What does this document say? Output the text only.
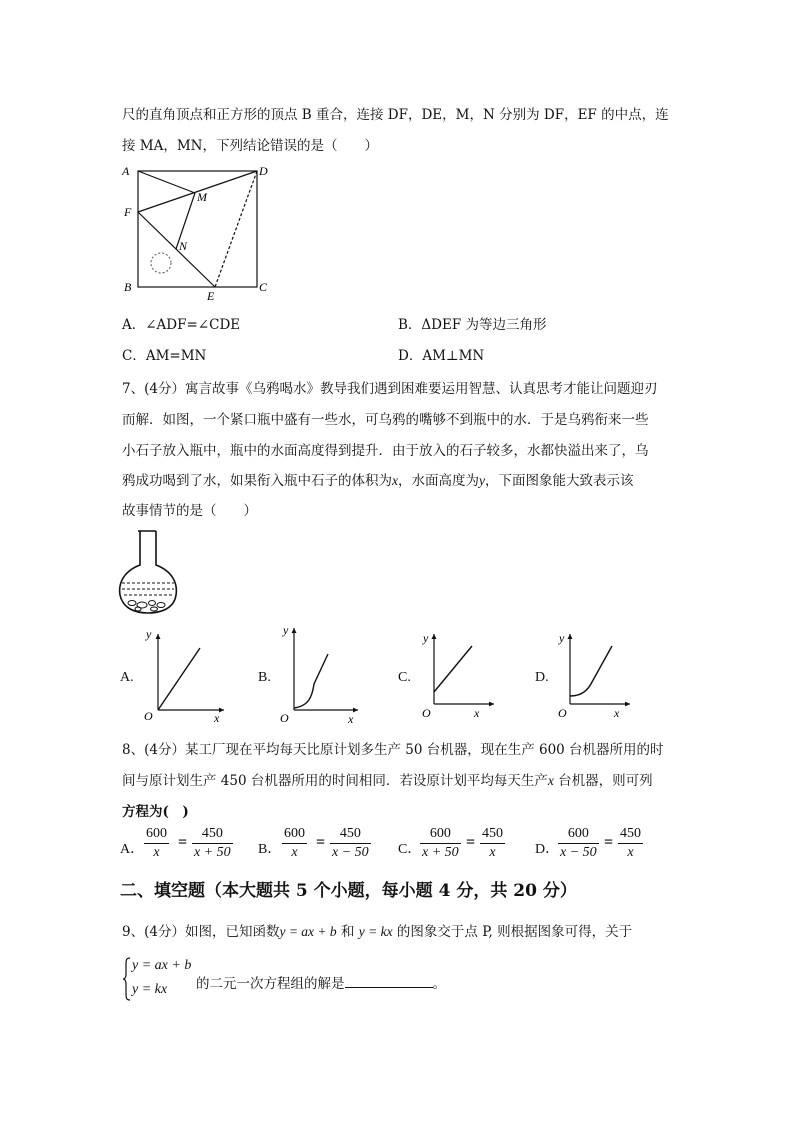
尺的直角顶点和正方形的顶点 B 重合，连接 DF，DE，M，N 分别为 DF，EF 的中点，连
接 MA，MN，下列结论错误的是（　　）
A	D
F
M
N
B
E
C
A．∠ADF=∠CDE	B．ΔDEF 为等边三角形
C．AM=MN	D．AM⊥MN
7、(4分）寓言故事《乌鸦喝水》教导我们遇到困难要运用智慧、认真思考才能让问题迎刃
而解．如图，一个紧口瓶中盛有一些水，可乌鸦的嘴够不到瓶中的水．于是乌鸦衔来一些
小石子放入瓶中，瓶中的水面高度得到提升．由于放入的石子较多，水都快溢出来了，乌
鸦成功喝到了水，如果衔入瓶中石子的体积为x，水面高度为y，下面图象能大致表示该
故事情节的是（　　）
A.
y
O	x
B.
y
O	x
C.
y
O	x
D.
y
O	x
8、(4分）某工厂现在平均每天比原计划多生产 50 台机器，现在生产 600 台机器所用的时
间与原计划生产 450 台机器所用的时间相同．若设原计划平均每天生产x 台机器，则可列
方程为(　)
A． $\frac{600}{x} = \frac{450}{x + 50}$ B． $\frac{600}{x} = \frac{450}{x - 50}$ C．
$\frac{600}{x + 50} = \frac{450}{x}$ D．
$\frac{600}{x - 50} = \frac{450}{x}$
二、填空题（本大题共 5 个小题，每小题 4 分，共 20 分）
9、(4分）如图，已知函数y = ax + b 和 y = kx 的图象交于点 P, 则根据图象可得，关于
y = ax + b
y = kx 的二元一次方程组的解是	。
